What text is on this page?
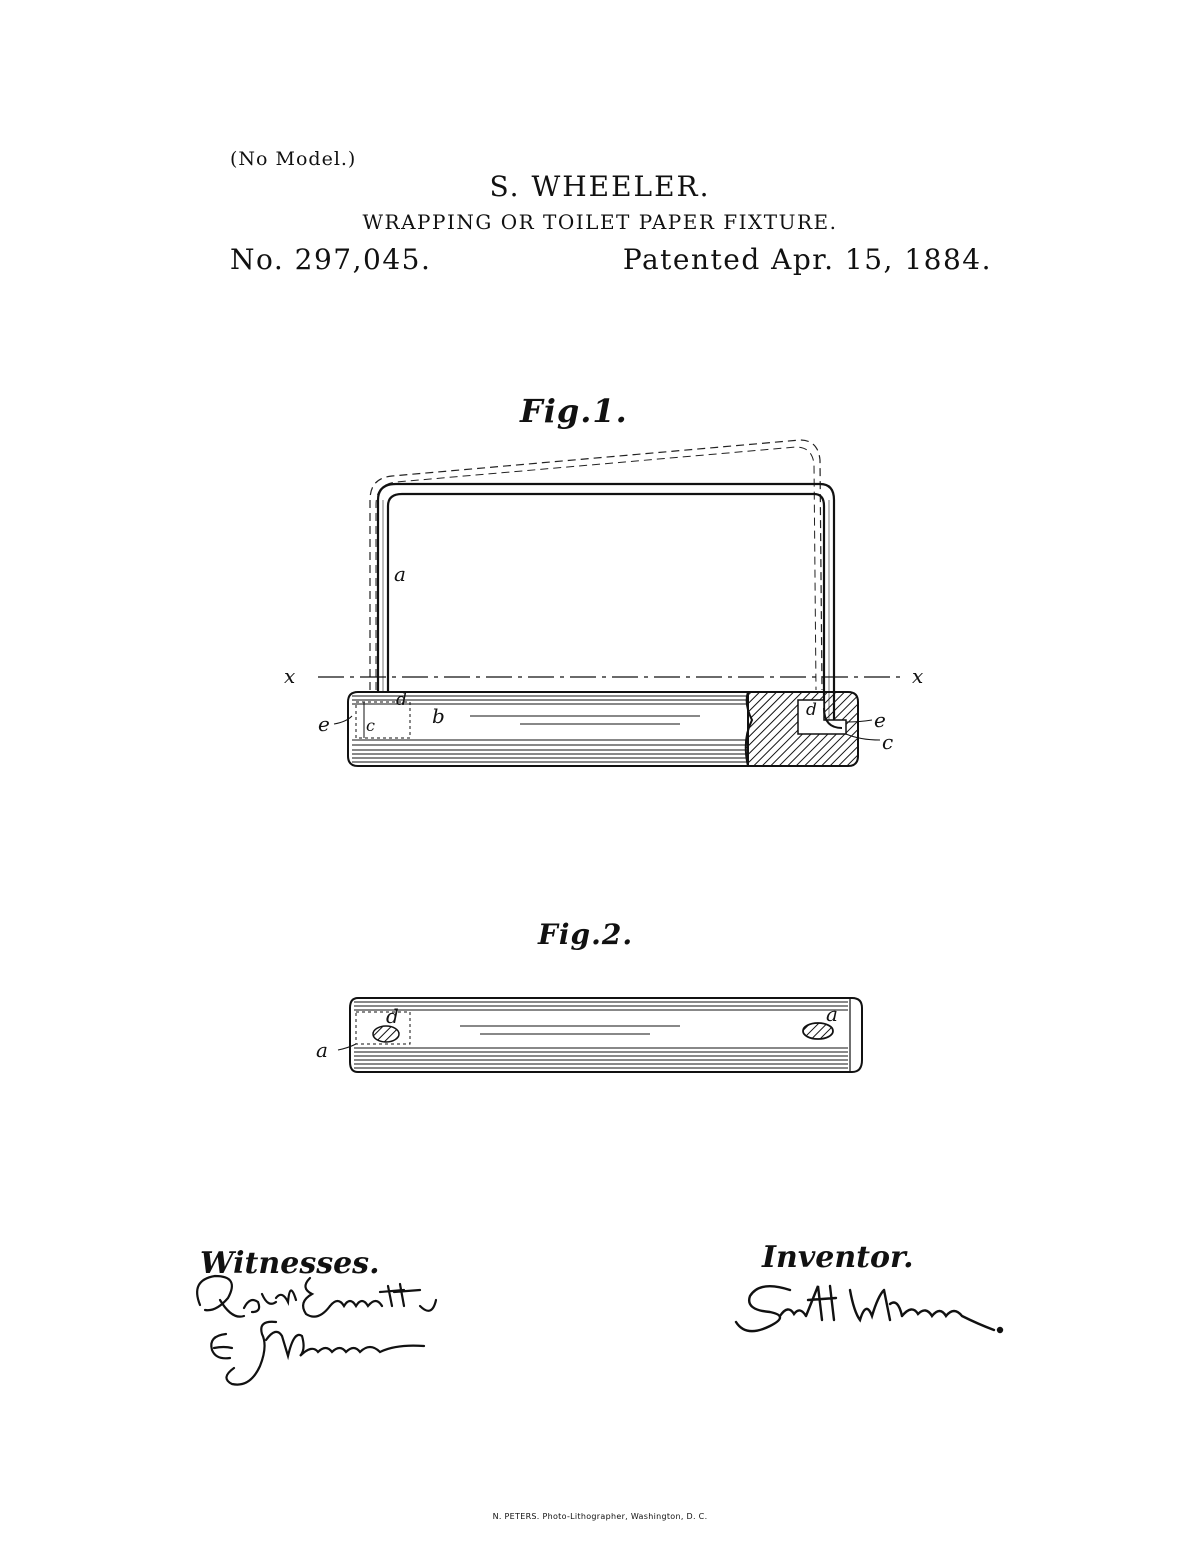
(No Model.)
S. WHEELER.
WRAPPING OR TOILET PAPER FIXTURE.
No. 297,045.	Patented Apr. 15, 1884.
Fig.1.
Fig.2.
a
b
c
c
d	d
e	e
x	x
a
a
d
Witnesses.	Inventor.
N. PETERS. Photo-Lithographer, Washington, D. C.
